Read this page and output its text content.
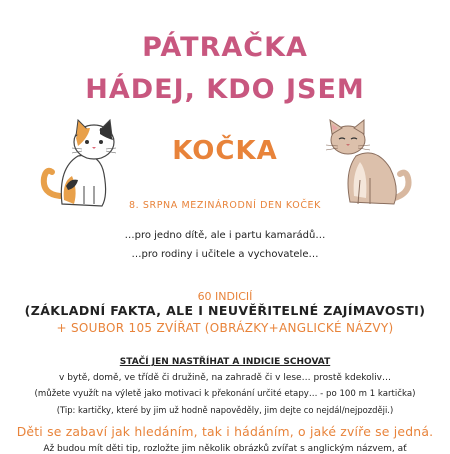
PÁTRAČKA
HÁDEJ, KDO JSEM
KOČKA
8. SRPNA MEZINÁRODNÍ DEN KOČEK
…pro jedno dítě, ale i partu kamarádů…
…pro rodiny i učitele a vychovatele…
60 INDICIÍ
(ZÁKLADNÍ FAKTA, ALE I NEUVĚŘITELNÉ ZAJÍMAVOSTI)
+ SOUBOR 105 ZVÍŘAT (OBRÁZKY+ANGLICKÉ NÁZVY)
STAČÍ JEN NASTŘÍHAT A INDICIE SCHOVAT
v bytě, domě, ve třídě či družině, na zahradě či v lese… prostě kdekoliv…
(můžete využít na výletě jako motivaci k překonání určité etapy… - po 100 m 1 kartička)
(Tip: kartičky, které by jim už hodně napověděly, jim dejte co nejdál/nejpozději.)
Děti se zabaví jak hledáním, tak i hádáním, o jaké zvíře se jedná.
Až budou mít děti tip, rozložte jim několik obrázků zvířat s anglickým názvem, ať
